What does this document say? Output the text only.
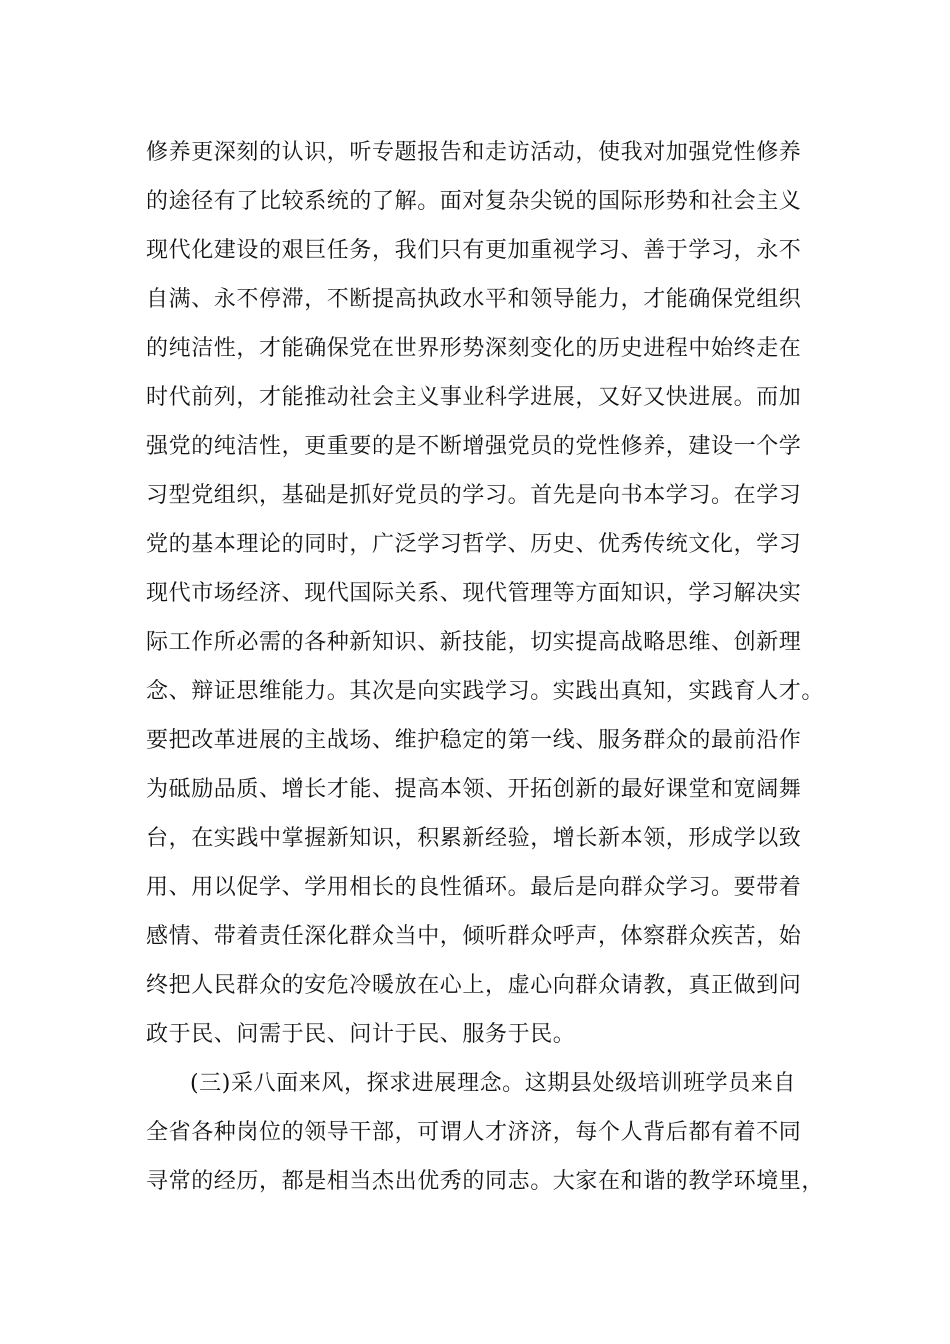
修养更深刻的认识，听专题报告和走访活动，使我对加强党性修养
的途径有了比较系统的了解。面对复杂尖锐的国际形势和社会主义
现代化建设的艰巨任务，我们只有更加重视学习、善于学习，永不
自满、永不停滞，不断提高执政水平和领导能力，才能确保党组织
的纯洁性，才能确保党在世界形势深刻变化的历史进程中始终走在
时代前列，才能推动社会主义事业科学进展，又好又快进展。而加
强党的纯洁性，更重要的是不断增强党员的党性修养，建设一个学
习型党组织，基础是抓好党员的学习。首先是向书本学习。在学习
党的基本理论的同时，广泛学习哲学、历史、优秀传统文化，学习
现代市场经济、现代国际关系、现代管理等方面知识，学习解决实
际工作所必需的各种新知识、新技能，切实提高战略思维、创新理
念、辩证思维能力。其次是向实践学习。实践出真知，实践育人才。
要把改革进展的主战场、维护稳定的第一线、服务群众的最前沿作
为砥励品质、增长才能、提高本领、开拓创新的最好课堂和宽阔舞
台，在实践中掌握新知识，积累新经验，增长新本领，形成学以致
用、用以促学、学用相长的良性循环。最后是向群众学习。要带着
感情、带着责任深化群众当中，倾听群众呼声，体察群众疾苦，始
终把人民群众的安危冷暖放在心上，虚心向群众请教，真正做到问
政于民、问需于民、问计于民、服务于民。
(三)采八面来风，探求进展理念。这期县处级培训班学员来自
全省各种岗位的领导干部，可谓人才济济，每个人背后都有着不同
寻常的经历，都是相当杰出优秀的同志。大家在和谐的教学环境里，
